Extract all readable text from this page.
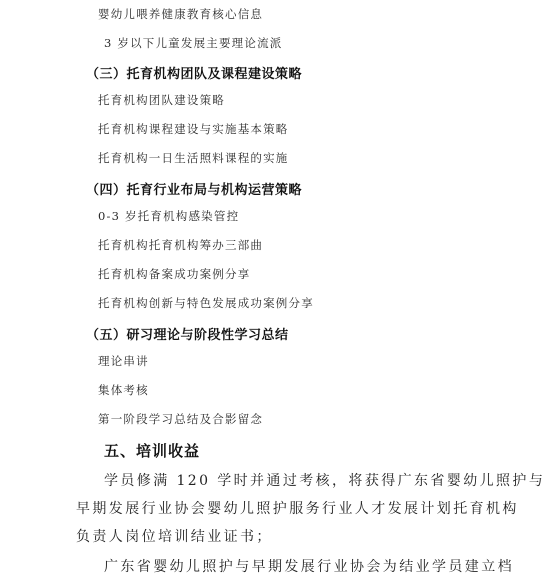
婴幼儿喂养健康教育核心信息
3 岁以下儿童发展主要理论流派
（三）托育机构团队及课程建设策略
托育机构团队建设策略
托育机构课程建设与实施基本策略
托育机构一日生活照料课程的实施
（四）托育行业布局与机构运营策略
0-3 岁托育机构感染管控
托育机构托育机构筹办三部曲
托育机构备案成功案例分享
托育机构创新与特色发展成功案例分享
（五）研习理论与阶段性学习总结
理论串讲
集体考核
第一阶段学习总结及合影留念
五、培训收益
学员修满 120 学时并通过考核，将获得广东省婴幼儿照护与
早期发展行业协会婴幼儿照护服务行业人才发展计划托育机构
负责人岗位培训结业证书；
广东省婴幼儿照护与早期发展行业协会为结业学员建立档
